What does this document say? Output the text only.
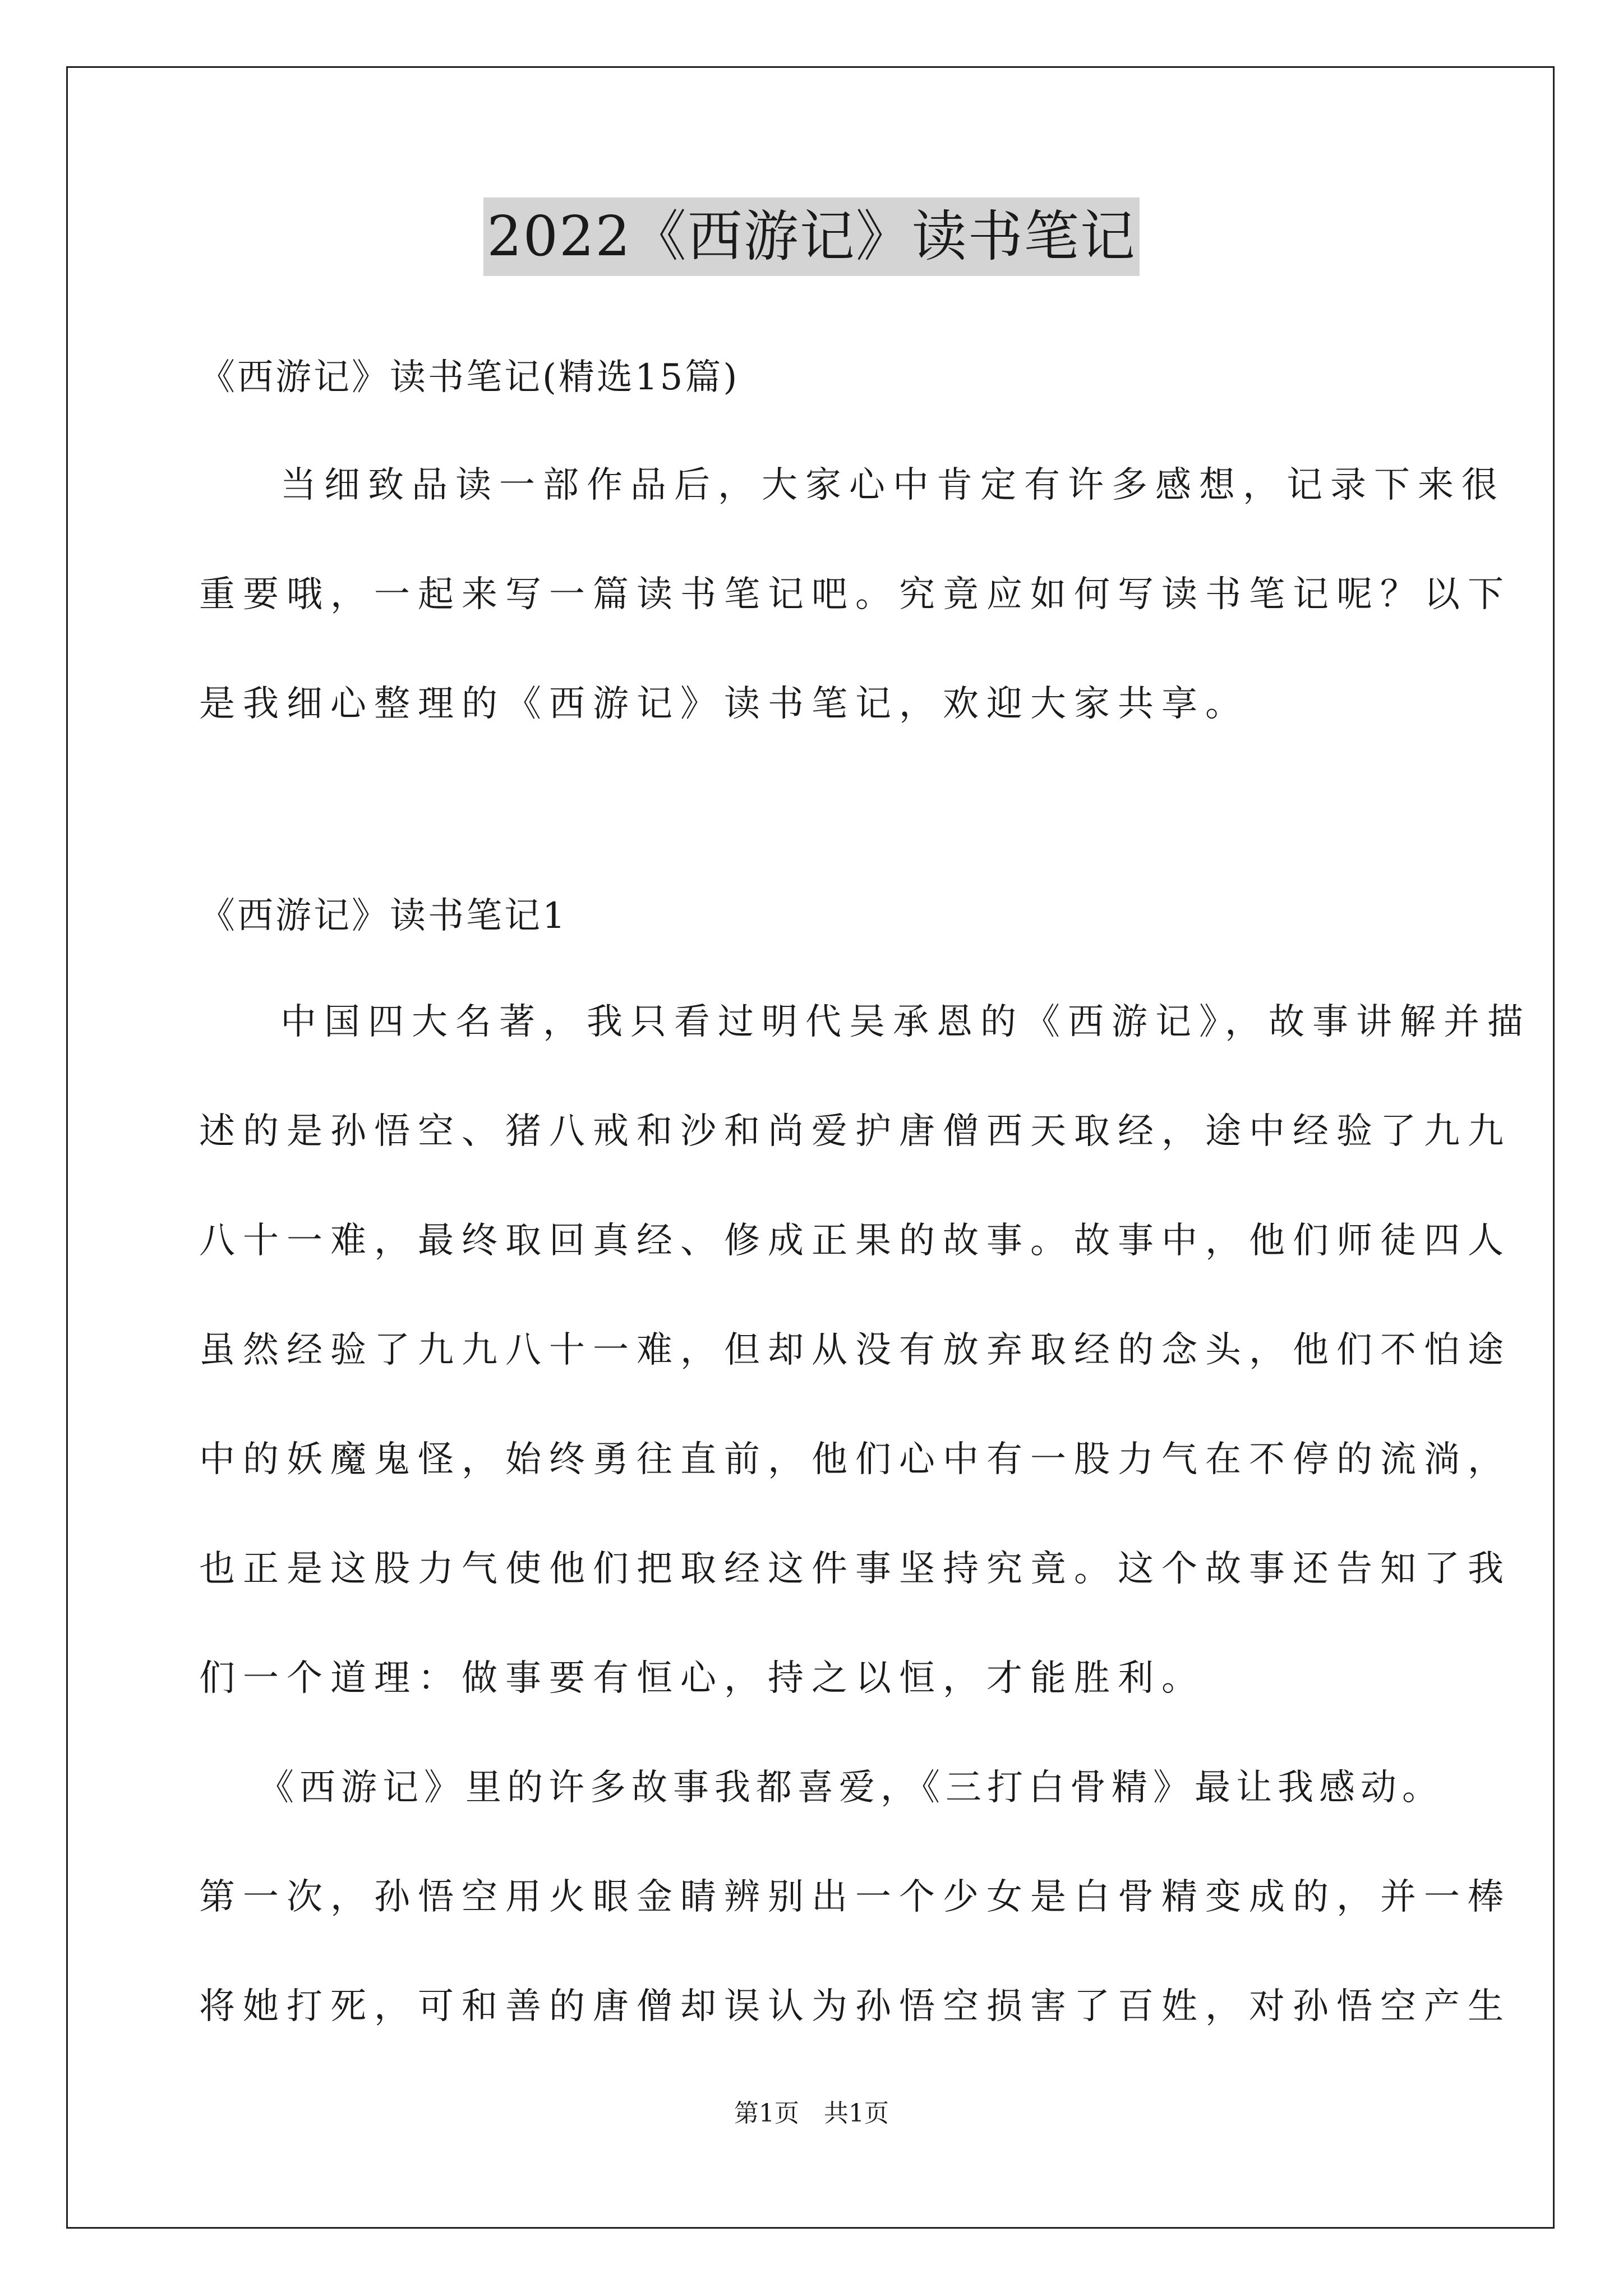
2022《西游记》读书笔记
《西游记》读书笔记(精选15篇)
当细致品读一部作品后，大家心中肯定有许多感想，记录下来很
重要哦，一起来写一篇读书笔记吧。究竟应如何写读书笔记呢？以下
是我细心整理的《西游记》读书笔记，欢迎大家共享。
《西游记》读书笔记1
中国四大名著，我只看过明代吴承恩的《西游记》，故事讲解并描
述的是孙悟空、猪八戒和沙和尚爱护唐僧西天取经，途中经验了九九
八十一难，最终取回真经、修成正果的故事。故事中，他们师徒四人
虽然经验了九九八十一难，但却从没有放弃取经的念头，他们不怕途
中的妖魔鬼怪，始终勇往直前，他们心中有一股力气在不停的流淌，
也正是这股力气使他们把取经这件事坚持究竟。这个故事还告知了我
们一个道理：做事要有恒心，持之以恒，才能胜利。
《西游记》里的许多故事我都喜爱，《三打白骨精》最让我感动。
第一次，孙悟空用火眼金睛辨别出一个少女是白骨精变成的，并一棒
将她打死，可和善的唐僧却误认为孙悟空损害了百姓，对孙悟空产生
第1页　共1页
